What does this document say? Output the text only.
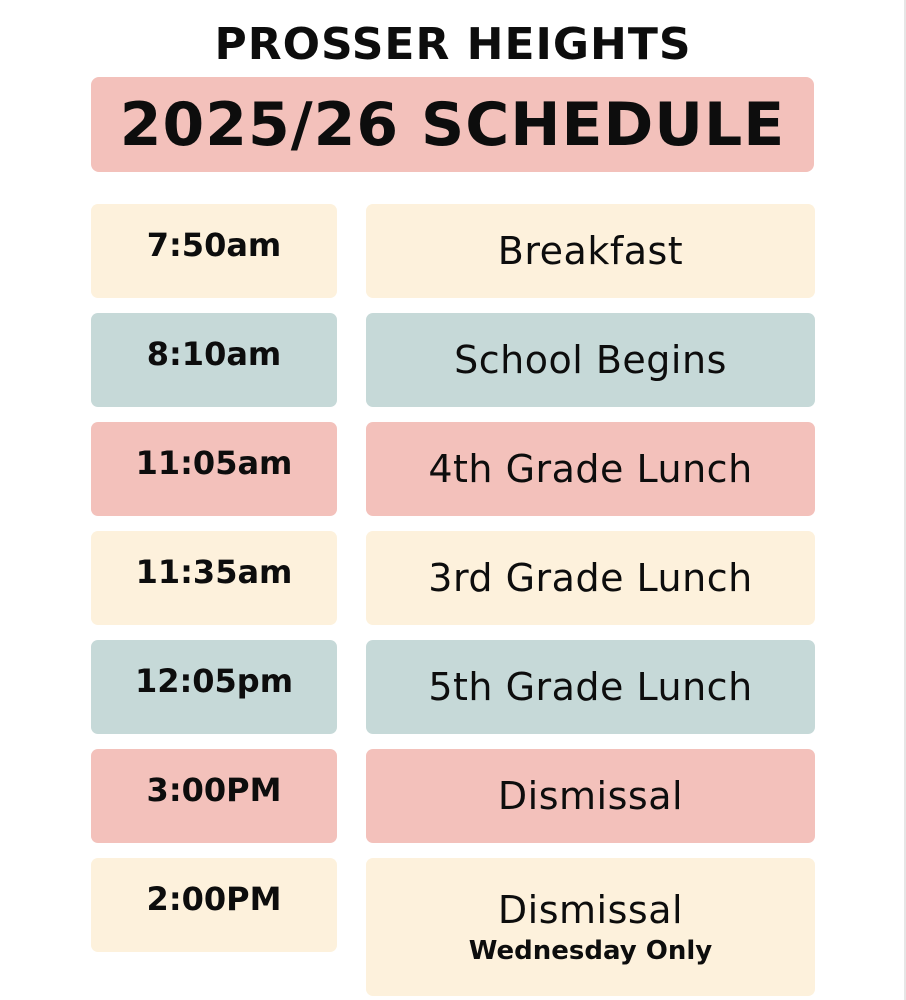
PROSSER HEIGHTS
2025/26 SCHEDULE
7:50am	Breakfast
8:10am	School Begins
11:05am	4th Grade Lunch
11:35am	3rd Grade Lunch
12:05pm	5th Grade Lunch
3:00PM	Dismissal
2:00PM	Dismissal
Wednesday Only
